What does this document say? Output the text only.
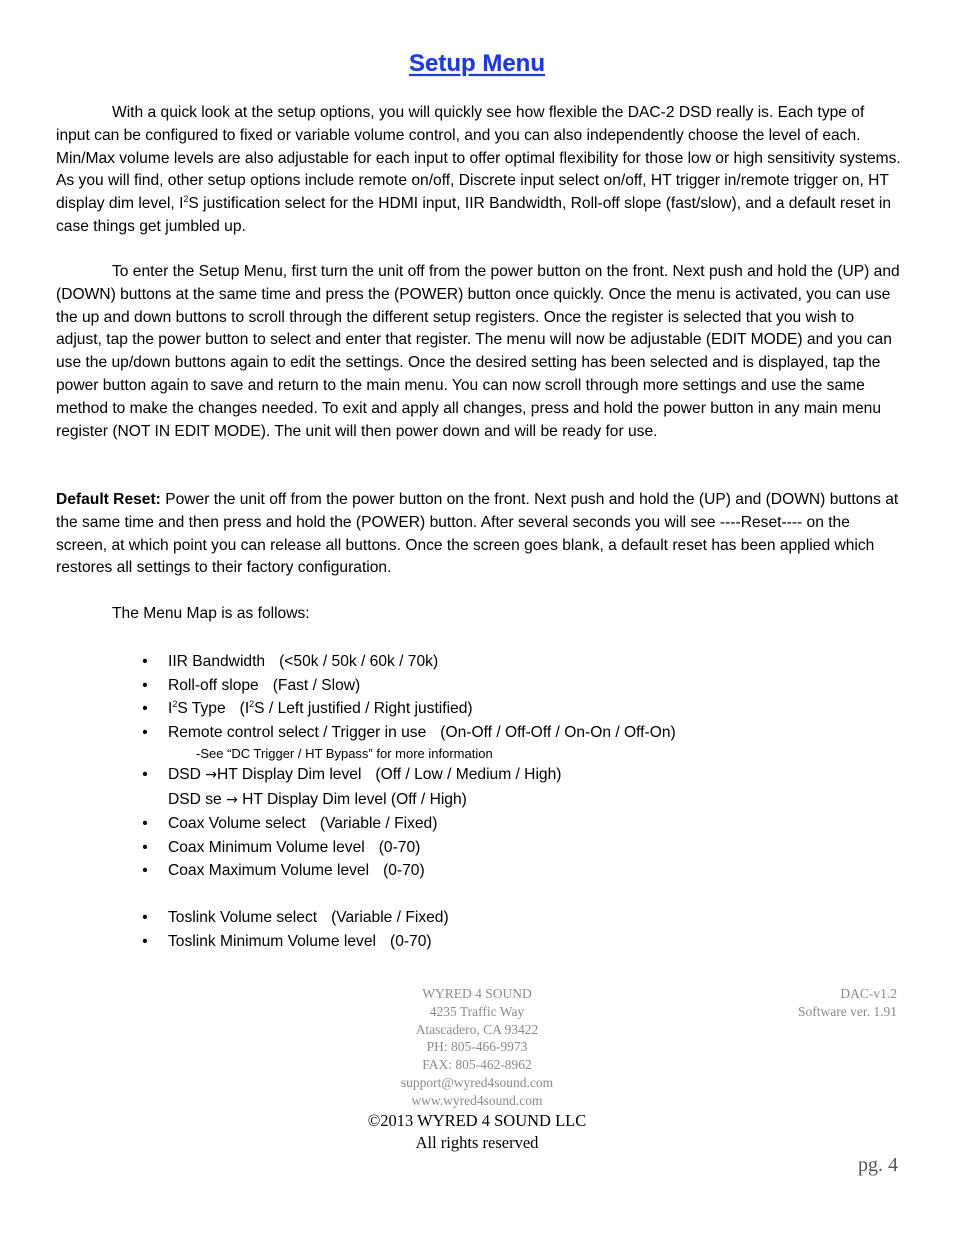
Setup Menu

With a quick look at the setup options, you will quickly see how flexible the DAC-2 DSD really is. Each type of input can be configured to fixed or variable volume control, and you can also independently choose the level of each. Min/Max volume levels are also adjustable for each input to offer optimal flexibility for those low or high sensitivity systems. As you will find, other setup options include remote on/off, Discrete input select on/off, HT trigger in/remote trigger on, HT display dim level, $I^2S$ justification select for the HDMI input, IIR Bandwidth, Roll-off slope (fast/slow), and a default reset in case things get jumbled up.

To enter the Setup Menu, first turn the unit off from the power button on the front. Next push and hold the (UP) and (DOWN) buttons at the same time and press the (POWER) button once quickly. Once the menu is activated, you can use the up and down buttons to scroll through the different setup registers. Once the register is selected that you wish to adjust, tap the power button to select and enter that register. The menu will now be adjustable (EDIT MODE) and you can use the up/down buttons again to edit the settings. Once the desired setting has been selected and is displayed, tap the power button again to save and return to the main menu. You can now scroll through more settings and use the same method to make the changes needed. To exit and apply all changes, press and hold the power button in any main menu register (NOT IN EDIT MODE). The unit will then power down and will be ready for use.

Default Reset: Power the unit off from the power button on the front. Next push and hold the (UP) and (DOWN) buttons at the same time and then press and hold the (POWER) button. After several seconds you will see ----Reset---- on the screen, at which point you can release all buttons. Once the screen goes blank, a default reset has been applied which restores all settings to their factory configuration.

The Menu Map is as follows:

• IIR Bandwidth (<50k / 50k / 60k / 70k)
• Roll-off slope (Fast / Slow)
• $I^2S$ Type ($I^2S$ / Left justified / Right justified)
• Remote control select / Trigger in use (On-Off / Off-Off / On-On / Off-On)
-See “DC Trigger / HT Bypass” for more information
• DSD →HT Display Dim level (Off / Low / Medium / High)
DSD se → HT Display Dim level (Off / High)
• Coax Volume select (Variable / Fixed)
• Coax Minimum Volume level (0-70)
• Coax Maximum Volume level (0-70)
• Toslink Volume select (Variable / Fixed)
• Toslink Minimum Volume level (0-70)
WYRED 4 SOUND
4235 Traffic Way
Atascadero, CA 93422
PH: 805-466-9973
FAX: 805-462-8962
support@wyred4sound.com
www.wyred4sound.com
©2013 WYRED 4 SOUND LLC
All rights reserved
DAC-v1.2
Software ver. 1.91
pg. 4
